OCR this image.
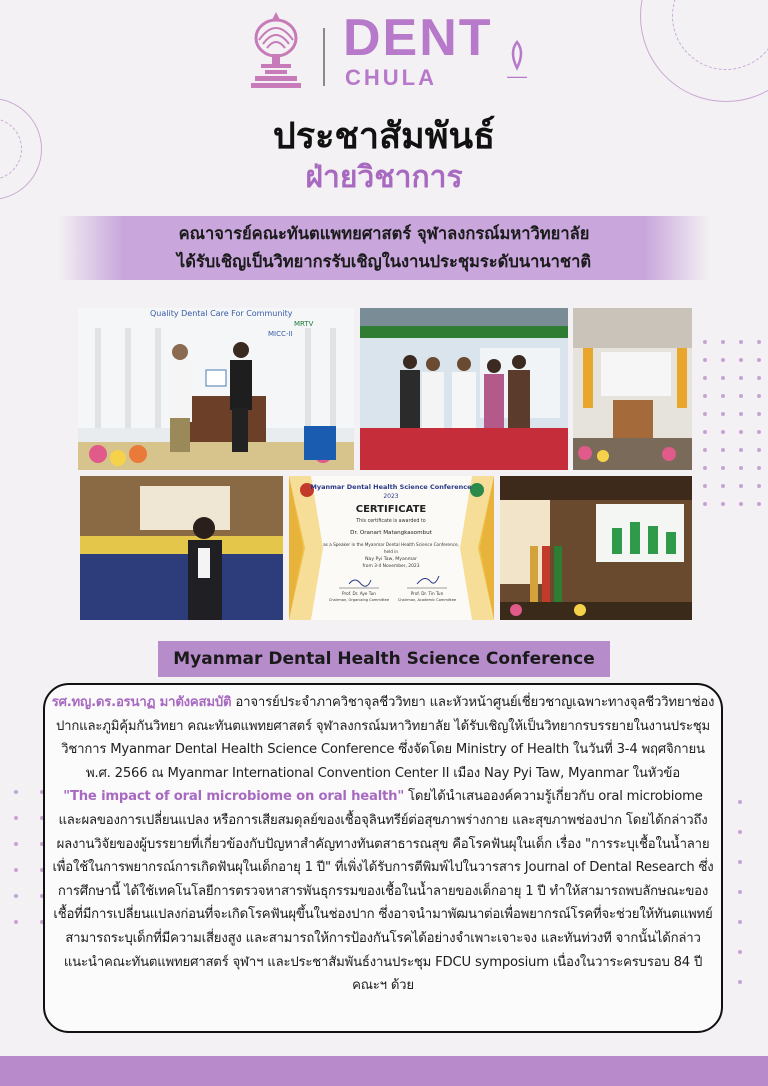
DENT
CHULA
ประชาสัมพันธ์
ฝ่ายวิชาการ
คณาจารย์คณะทันตแพทยศาสตร์ จุฬาลงกรณ์มหาวิทยาลัย
ได้รับเชิญเป็นวิทยากรรับเชิญในงานประชุมระดับนานาชาติ
Quality Dental Care For Community
MRTV
MICC-II
Myanmar Dental Health Science Conference
2023
CERTIFICATE
This certificate is awarded to
Dr. Oranart Matangkasombut
as a Speaker in the Myanmar Dental Health Science Conference,
held in
Nay Pyi Taw, Myanmar
from 3-4 November, 2023
Prof. Dr. Aye Tun
Chairman, Organizing Committee
Prof. Dr. Tin Tun
Chairman, Academic Committee
Myanmar Dental Health Science Conference

รศ.ทญ.ดร.อรนาฏ มาตังคสมบัติ อาจารย์ประจำภาควิชาจุลชีววิทยา และหัวหน้าศูนย์เชี่ยวชาญเฉพาะทางจุลชีววิทยาช่องปากและภูมิคุ้มกันวิทยา คณะทันตแพทยศาสตร์ จุฬาลงกรณ์มหาวิทยาลัย ได้รับเชิญให้เป็นวิทยากรบรรยายในงานประชุมวิชาการ Myanmar Dental Health Science Conference ซึ่งจัดโดย Ministry of Health ในวันที่ 3-4 พฤศจิกายน พ.ศ. 2566 ณ Myanmar International Convention Center II เมือง Nay Pyi Taw, Myanmar ในหัวข้อ
"The impact of oral microbiome on oral health" โดยได้นำเสนอองค์ความรู้เกี่ยวกับ oral microbiome และผลของการเปลี่ยนแปลง หรือการเสียสมดุลย์ของเชื้อจุลินทรีย์ต่อสุขภาพร่างกาย และสุขภาพช่องปาก โดยได้กล่าวถึงผลงานวิจัยของผู้บรรยายที่เกี่ยวข้องกับปัญหาสำคัญทางทันตสาธารณสุข คือโรคฟันผุในเด็ก เรื่อง "การระบุเชื้อในน้ำลายเพื่อใช้ในการพยากรณ์การเกิดฟันผุในเด็กอายุ 1 ปี" ที่เพิ่งได้รับการตีพิมพ์ไปในวารสาร Journal of Dental Research ซึ่งการศึกษานี้ ได้ใช้เทคโนโลยีการตรวจหาสารพันธุกรรมของเชื้อในน้ำลายของเด็กอายุ 1 ปี ทำให้สามารถพบลักษณะของเชื้อที่มีการเปลี่ยนแปลงก่อนที่จะเกิดโรคฟันผุขึ้นในช่องปาก ซึ่งอาจนำมาพัฒนาต่อเพื่อพยากรณ์โรคที่จะช่วยให้ทันตแพทย์สามารถระบุเด็กที่มีความเสี่ยงสูง และสามารถให้การป้องกันโรคได้อย่างจำเพาะเจาะจง และทันท่วงที จากนั้นได้กล่าวแนะนำคณะทันตแพทยศาสตร์ จุฬาฯ และประชาสัมพันธ์งานประชุม FDCU symposium เนื่องในวาระครบรอบ 84 ปีคณะฯ ด้วย
